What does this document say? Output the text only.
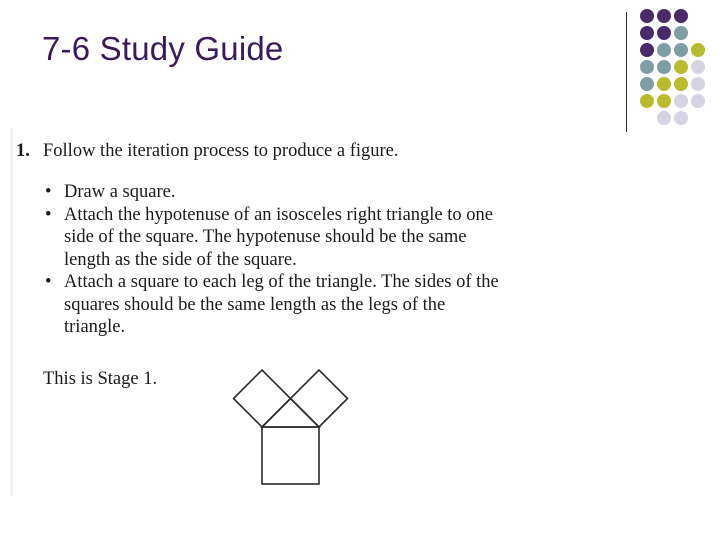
7-6 Study Guide
1. Follow the iteration process to produce a figure.
• Draw a square.
• Attach the hypotenuse of an isosceles right triangle to one
side of the square. The hypotenuse should be the same
length as the side of the square.
• Attach a square to each leg of the triangle. The sides of the
squares should be the same length as the legs of the
triangle.
This is Stage 1.
